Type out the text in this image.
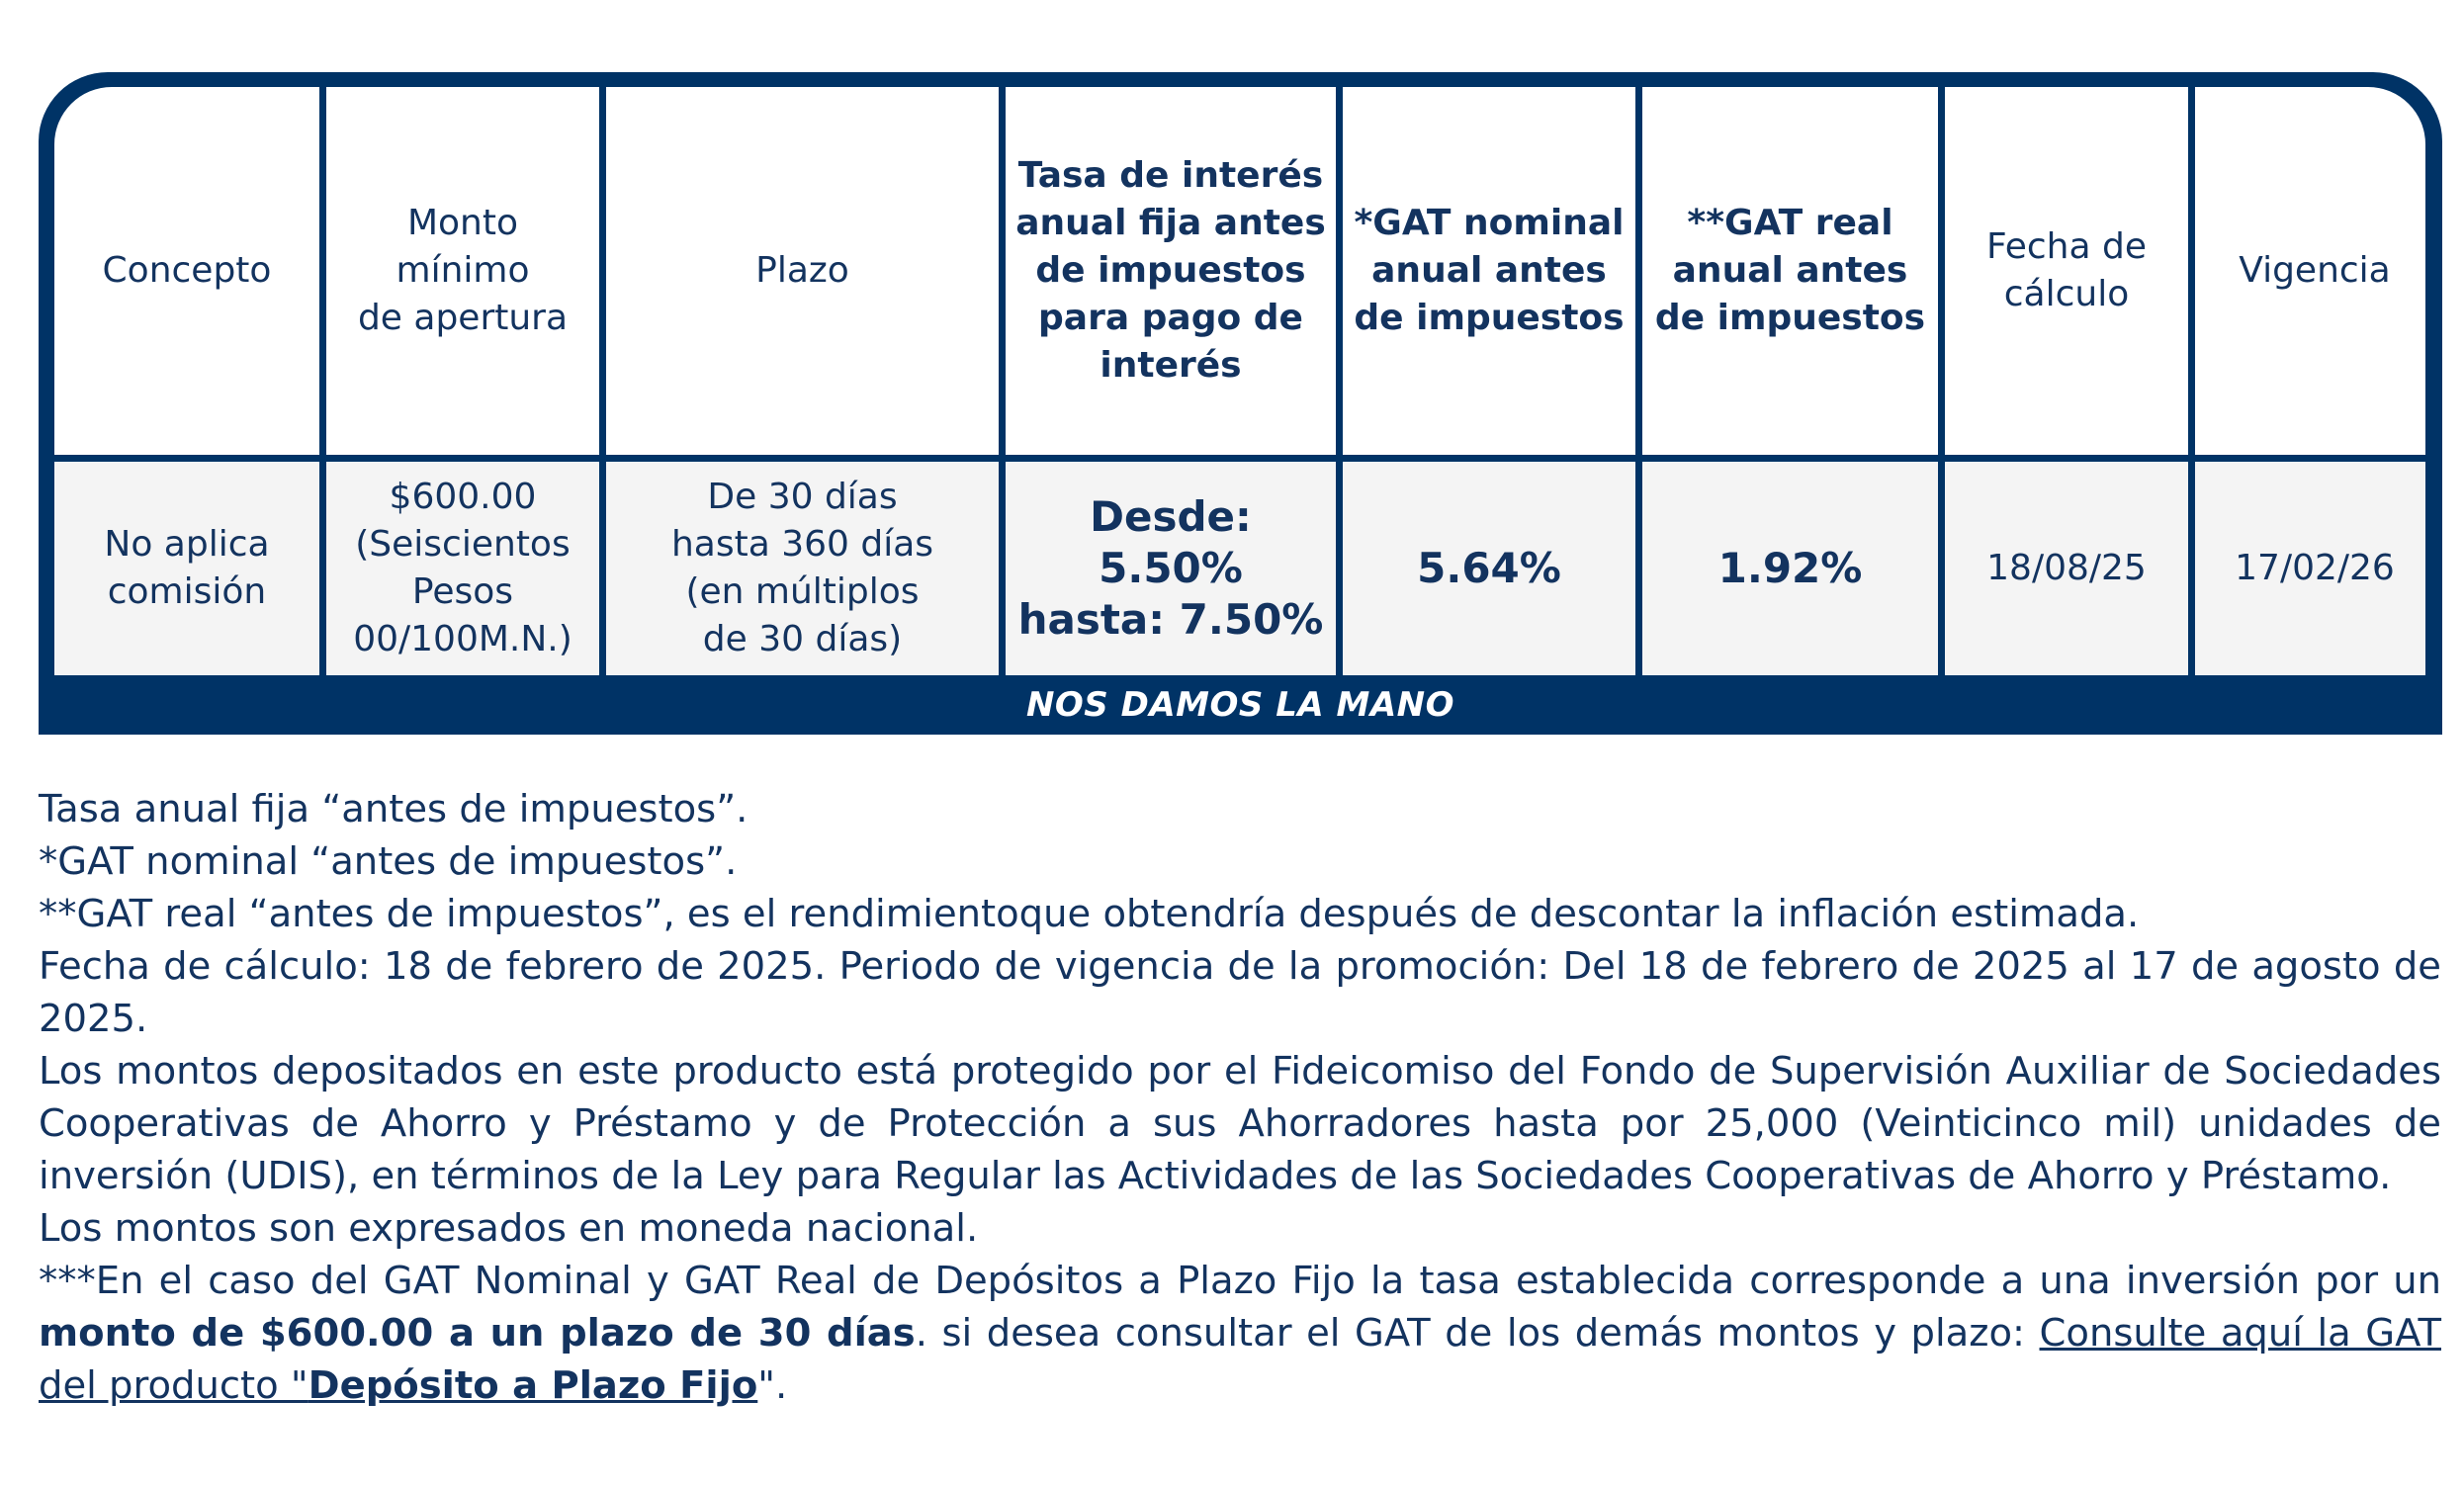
Concepto
Monto
mínimo
de apertura
Plazo
Tasa de interés
anual fija antes
de impuestos
para pago de
interés
*GAT nominal
anual antes
de impuestos
**GAT real
anual antes
de impuestos
Fecha de
cálculo
Vigencia
No aplica
comisión
$600.00
(Seiscientos
Pesos
00/100M.N.)
De 30 días
hasta 360 días
(en múltiplos
de 30 días)
Desde: 5.50%
hasta: 7.50%
5.64%	1.92%	18/08/25 17/02/26
NOS DAMOS LA MANO

Tasa anual fija “antes de impuestos”.

*GAT nominal “antes de impuestos”.

**GAT real “antes de impuestos”, es el rendimientoque obtendría después de descontar la inflación estimada.

Fecha de cálculo: 18 de febrero de 2025. Periodo de vigencia de la promoción: Del 18 de febrero de 2025 al 17 de agosto de 2025.

Los montos depositados en este producto está protegido por el Fideicomiso del Fondo de Supervisión Auxiliar de Sociedades Cooperativas de Ahorro y Préstamo y de Protección a sus Ahorradores hasta por 25,000 (Veinticinco mil) unidades de inversión (UDIS), en términos de la Ley para Regular las Actividades de las Sociedades Cooperativas de Ahorro y Préstamo.

Los montos son expresados en moneda nacional.

***En el caso del GAT Nominal y GAT Real de Depósitos a Plazo Fijo la tasa establecida corresponde a una inversión por un monto de $600.00 a un plazo de 30 días. si desea consultar el GAT de los demás montos y plazo: Consulte aquí la GAT del producto "Depósito a Plazo Fijo".
